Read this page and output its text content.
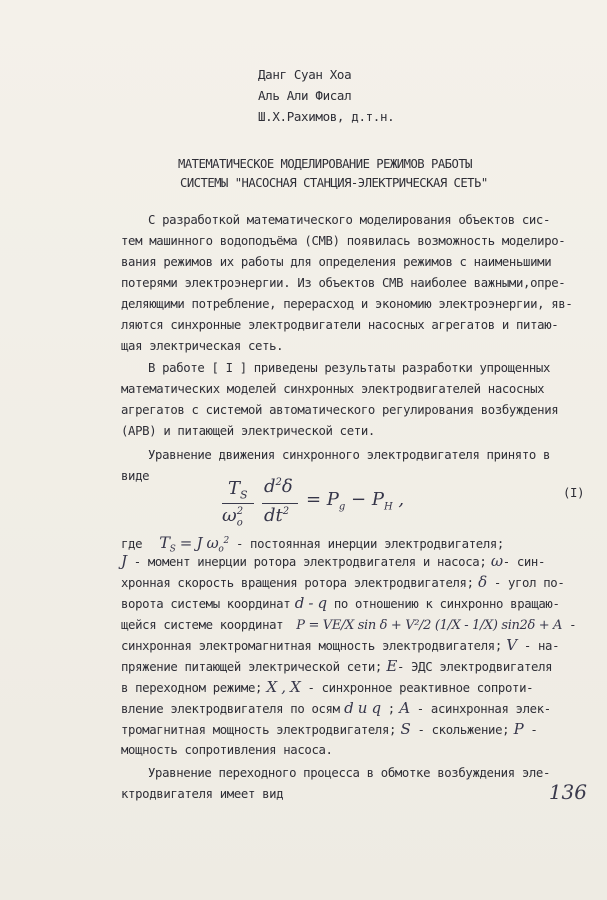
Данг Суан Хоа
Аль Али Фисал
Ш.Х.Рахимов, д.т.н.
МАТЕМАТИЧЕСКОЕ МОДЕЛИРОВАНИЕ РЕЖИМОВ РАБОТЫ
СИСТЕМЫ "НАСОСНАЯ СТАНЦИЯ-ЭЛЕКТРИЧЕСКАЯ СЕТЬ"
С разработкой математического моделирования объектов сис-
тем машинного водоподъёма (СМВ) появилась возможность моделиро-
вания режимов их работы для определения режимов с наименьшими
потерями электроэнергии. Из объектов СМВ наиболее важными,опре-
деляющими потребление, перерасход и экономию электроэнергии, яв-
ляются синхронные электродвигатели насосных агрегатов и питаю-
щая электрическая сеть.
В работе [ I ] приведены результаты разработки упрощенных
математических моделей синхронных электродвигателей насосных
агрегатов с системой автоматического регулирования возбуждения
(АРВ) и питающей электрической сети.
Уравнение движения синхронного электродвигателя принято в
виде
$T_S$
$\omega_o^2$
$d^2\delta$
$dt^2$
= $P_g - P_H$ ,	(I)
где $T_S = J$ $\omega_o^2$ - постоянная инерции электродвигателя;
J - момент инерции ротора электродвигателя и насоса; ω- син-
хронная скорость вращения ротора электродвигателя; δ - угол по-
ворота системы координат d - q по отношению к синхронно вращаю-
щейся системе координат P = VE/X sin δ + V²/2 (1/X - 1/X) sin2δ + A -
синхронная электромагнитная мощность электродвигателя; V - на-
пряжение питающей электрической сети; E- ЭДС электродвигателя
в переходном режиме; X , X - синхронное реактивное сопроти-
вление электродвигателя по осям d и q ; A - асинхронная элек-
тромагнитная мощность электродвигателя; S - скольжение; P -
мощность сопротивления насоса.
Уравнение переходного процесса в обмотке возбуждения эле-
ктродвигателя имеет вид	136
